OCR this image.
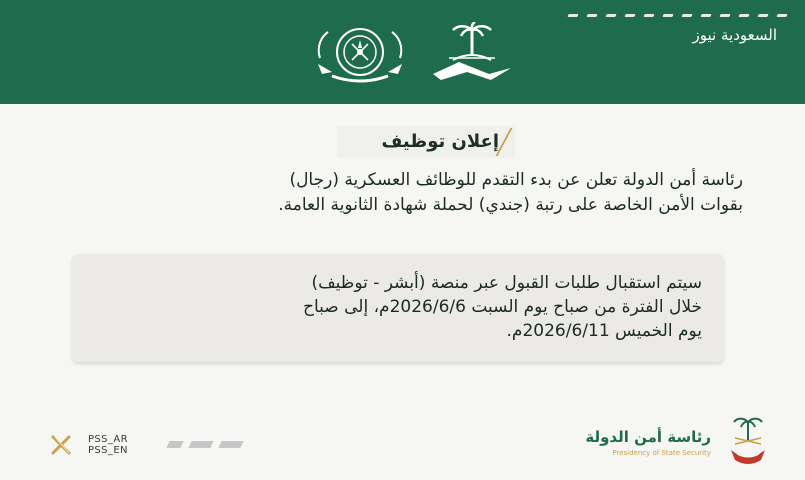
السعودية نيوز
إعلان توظيف
رئاسة أمن الدولة تعلن عن بدء التقدم للوظائف العسكرية (رجال)
بقوات الأمن الخاصة على رتبة (جندي) لحملة شهادة الثانوية العامة.
سيتم استقبال طلبات القبول عبر منصة (أبشر - توظيف)
خلال الفترة من صباح يوم السبت 2026/6/6م، إلى صباح
يوم الخميس 2026/6/11م.
PSS_AR
PSS_EN
رئاسة أمن الدولة
Presidency of State Security
